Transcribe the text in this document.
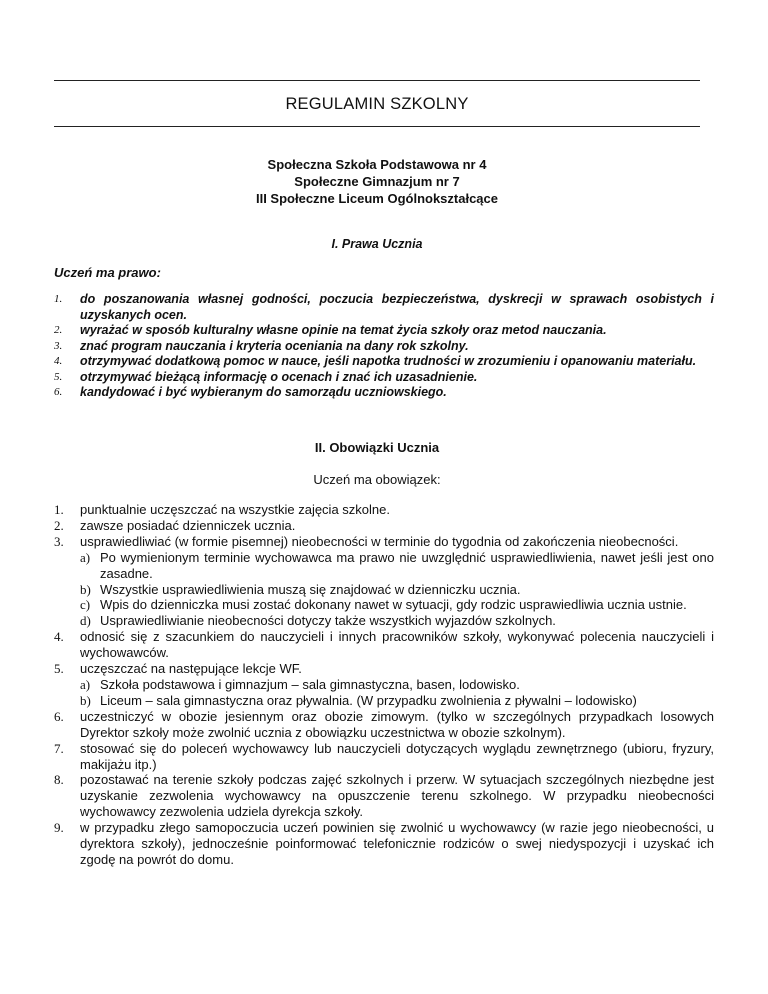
REGULAMIN SZKOLNY
Społeczna Szkoła Podstawowa nr 4
Społeczne Gimnazjum nr 7
III Społeczne Liceum Ogólnokształcące
I. Prawa Ucznia
Uczeń ma prawo:
1. do poszanowania własnej godności, poczucia bezpieczeństwa, dyskrecji w sprawach osobistych i uzyskanych ocen.
2. wyrażać w sposób kulturalny własne opinie na temat życia szkoły oraz metod nauczania.
3. znać program nauczania i kryteria oceniania na dany rok szkolny.
4. otrzymywać dodatkową pomoc w nauce, jeśli napotka trudności w zrozumieniu i opanowaniu materiału.
5. otrzymywać bieżącą informację o ocenach i znać ich uzasadnienie.
6. kandydować i być wybieranym do samorządu uczniowskiego.
II. Obowiązki Ucznia
Uczeń ma obowiązek:
1. punktualnie uczęszczać na wszystkie zajęcia szkolne.
2. zawsze posiadać dzienniczek ucznia.
3. usprawiedliwiać (w formie pisemnej) nieobecności w terminie do tygodnia od zakończenia nieobecności.
a) Po wymienionym terminie wychowawca ma prawo nie uwzględnić usprawiedliwienia, nawet jeśli jest ono zasadne.
b) Wszystkie usprawiedliwienia muszą się znajdować w dzienniczku ucznia.
c) Wpis do dzienniczka musi zostać dokonany nawet w sytuacji, gdy rodzic usprawiedliwia ucznia ustnie.
d) Usprawiedliwianie nieobecności dotyczy także wszystkich wyjazdów szkolnych.
4. odnosić się z szacunkiem do nauczycieli i innych pracowników szkoły, wykonywać polecenia nauczycieli i wychowawców.
5. uczęszczać na następujące lekcje WF.
a) Szkoła podstawowa i gimnazjum – sala gimnastyczna, basen, lodowisko.
b) Liceum – sala gimnastyczna oraz pływalnia. (W przypadku zwolnienia z pływalni – lodowisko)
6. uczestniczyć w obozie jesiennym oraz obozie zimowym. (tylko w szczególnych przypadkach losowych Dyrektor szkoły może zwolnić ucznia z obowiązku uczestnictwa w obozie szkolnym).
7. stosować się do poleceń wychowawcy lub nauczycieli dotyczących wyglądu zewnętrznego (ubioru, fryzury, makijażu itp.)
8. pozostawać na terenie szkoły podczas zajęć szkolnych i przerw. W sytuacjach szczególnych niezbędne jest uzyskanie zezwolenia wychowawcy na opuszczenie terenu szkolnego. W przypadku nieobecności wychowawcy zezwolenia udziela dyrekcja szkoły.
9. w przypadku złego samopoczucia uczeń powinien się zwolnić u wychowawcy (w razie jego nieobecności, u dyrektora szkoły), jednocześnie poinformować telefonicznie rodziców o swej niedyspozycji i uzyskać ich zgodę na powrót do domu.
